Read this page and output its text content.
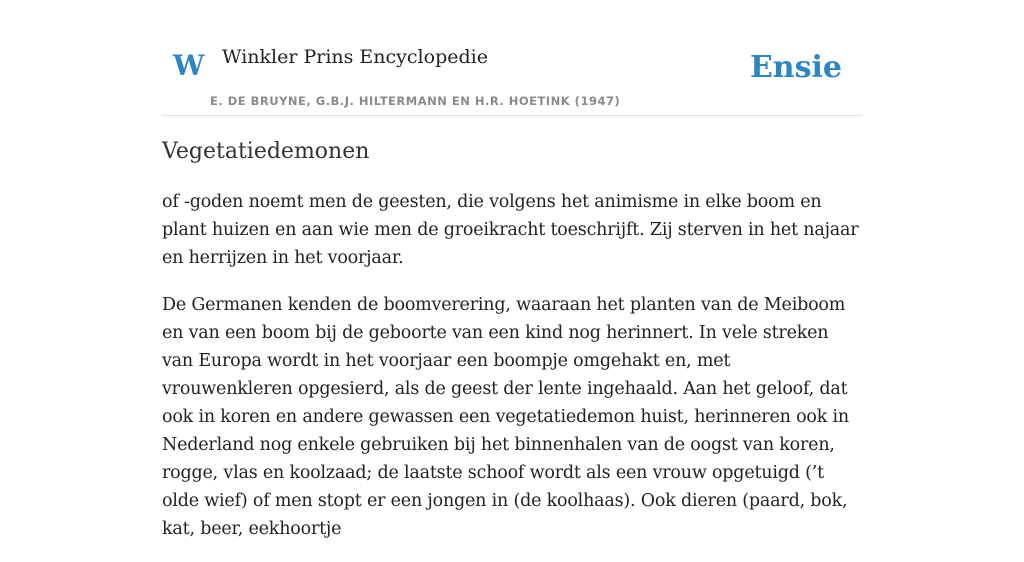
W Winkler Prins Encyclopedie
E. DE BRUYNE, G.B.J. HILTERMANN EN H.R. HOETINK (1947)
Ensie
Vegetatiedemonen

of -goden noemt men de geesten, die volgens het animisme in elke boom en plant huizen en aan wie men de groeikracht toeschrijft. Zij sterven in het najaar en herrijzen in het voorjaar.

De Germanen kenden de boomverering, waaraan het planten van de Meiboom en van een boom bij de geboorte van een kind nog herinnert. In vele streken van Europa wordt in het voorjaar een boompje omgehakt en, met vrouwenkleren opgesierd, als de geest der lente ingehaald. Aan het geloof, dat ook in koren en andere gewassen een vegetatiedemon huist, herinneren ook in Nederland nog enkele gebruiken bij het binnenhalen van de oogst van koren, rogge, vlas en koolzaad; de laatste schoof wordt als een vrouw opgetuigd (’t olde wief) of men stopt er een jongen in (de koolhaas). Ook dieren (paard, bok, kat, beer, eekhoortje
